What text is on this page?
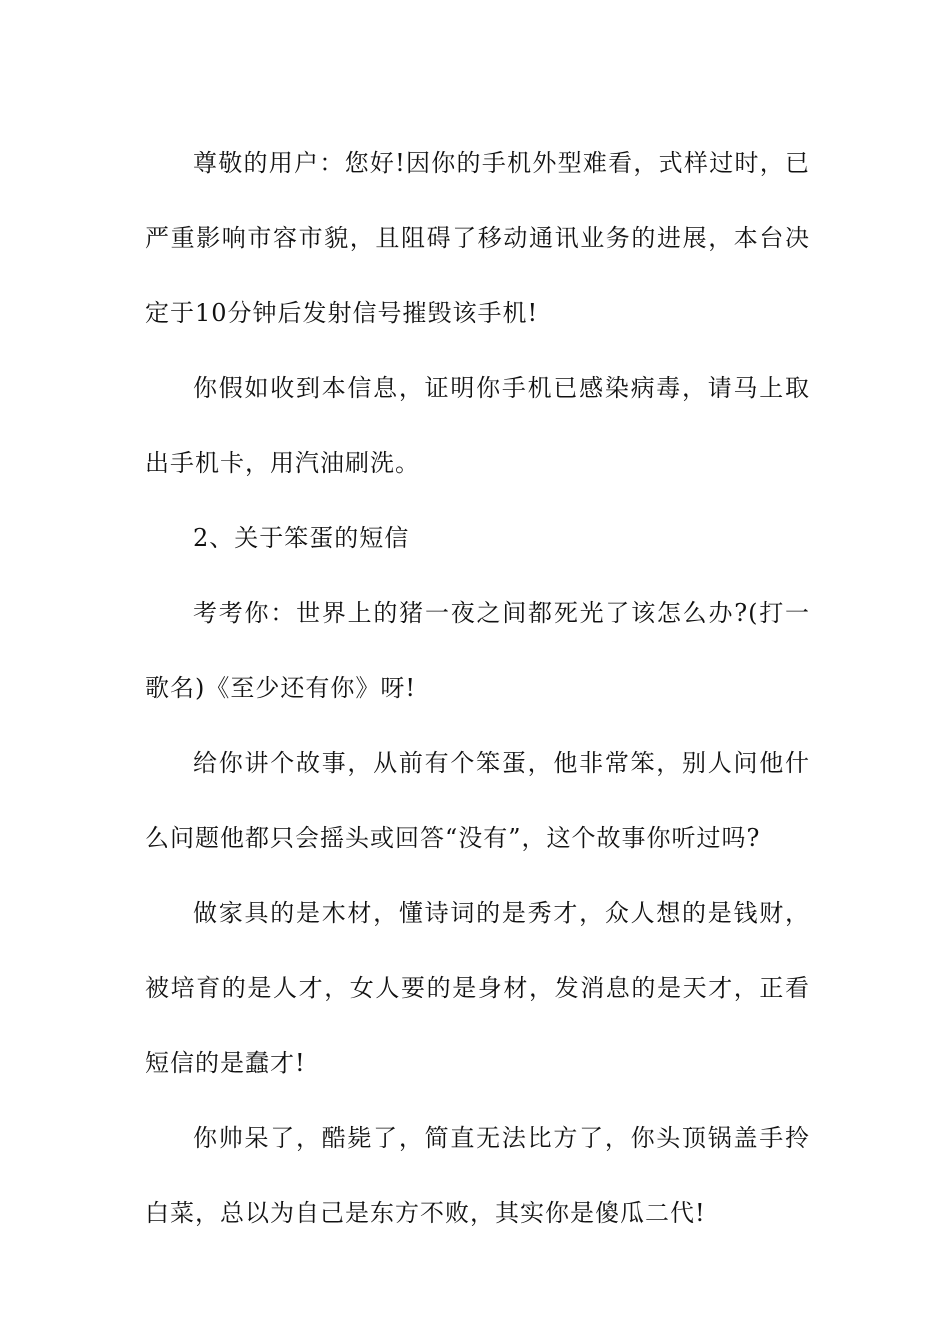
尊敬的用户：您好!因你的手机外型难看，式样过时，已严重影响市容市貌，且阻碍了移动通讯业务的进展，本台决定于10分钟后发射信号摧毁该手机!

你假如收到本信息，证明你手机已感染病毒，请马上取出手机卡，用汽油刷洗。

2、关于笨蛋的短信

考考你：世界上的猪一夜之间都死光了该怎么办?(打一歌名)《至少还有你》呀!

给你讲个故事，从前有个笨蛋，他非常笨，别人问他什么问题他都只会摇头或回答“没有”，这个故事你听过吗?

做家具的是木材，懂诗词的是秀才，众人想的是钱财，被培育的是人才，女人要的是身材，发消息的是天才，正看短信的是蠢才!

你帅呆了，酷毙了，简直无法比方了，你头顶锅盖手拎白菜，总以为自己是东方不败，其实你是傻瓜二代!
